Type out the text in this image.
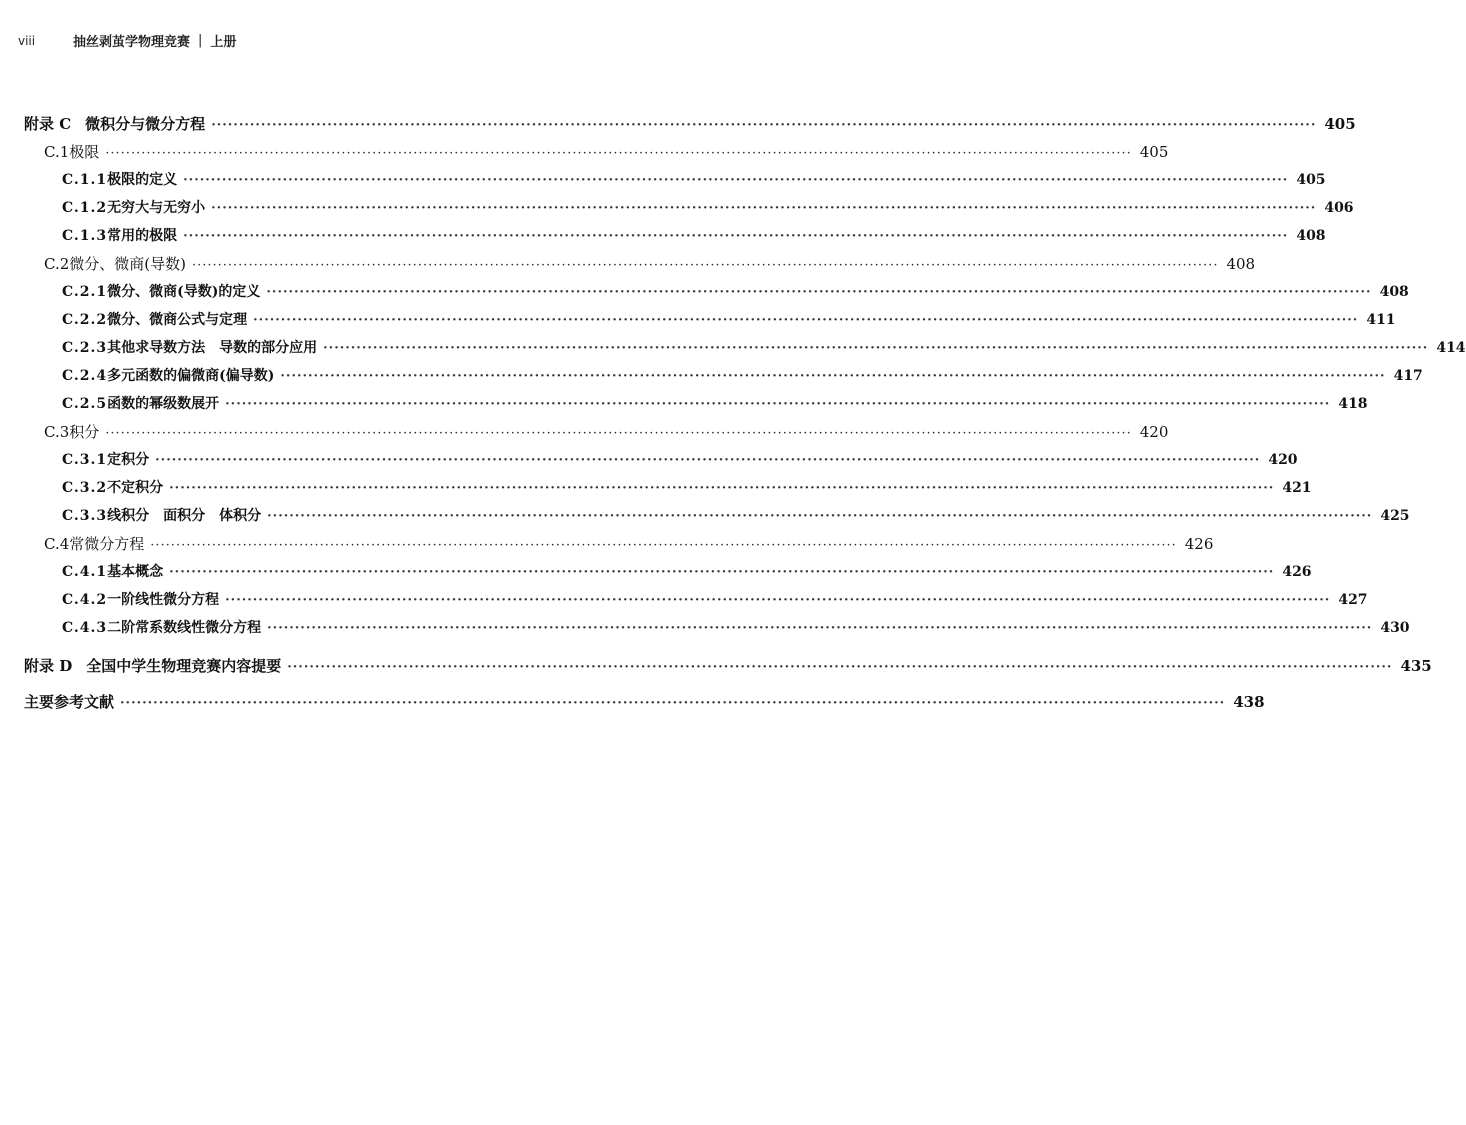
viii	抽丝剥茧学物理竞赛 | 上册
附录 C 微积分与微分方程 ········································································································································································································ 405
C.1 极限 ········································································································································································································ 405
C.1.1 极限的定义 ········································································································································································································ 405
C.1.2 无穷大与无穷小 ········································································································································································································ 406
C.1.3 常用的极限 ········································································································································································································ 408
C.2 微分、微商(导数) ········································································································································································································ 408
C.2.1 微分、微商(导数)的定义 ········································································································································································································ 408
C.2.2 微分、微商公式与定理 ········································································································································································································ 411
C.2.3 其他求导数方法　导数的部分应用 ········································································································································································································ 414
C.2.4 多元函数的偏微商(偏导数) ········································································································································································································ 417
C.2.5 函数的幂级数展开 ········································································································································································································ 418
C.3 积分 ········································································································································································································ 420
C.3.1 定积分 ········································································································································································································ 420
C.3.2 不定积分 ········································································································································································································ 421
C.3.3 线积分　面积分　体积分 ········································································································································································································ 425
C.4 常微分方程 ········································································································································································································ 426
C.4.1 基本概念 ········································································································································································································ 426
C.4.2 一阶线性微分方程 ········································································································································································································ 427
C.4.3 二阶常系数线性微分方程 ········································································································································································································ 430
附录 D 全国中学生物理竞赛内容提要 ········································································································································································································ 435
主要参考文献 ········································································································································································································ 438
